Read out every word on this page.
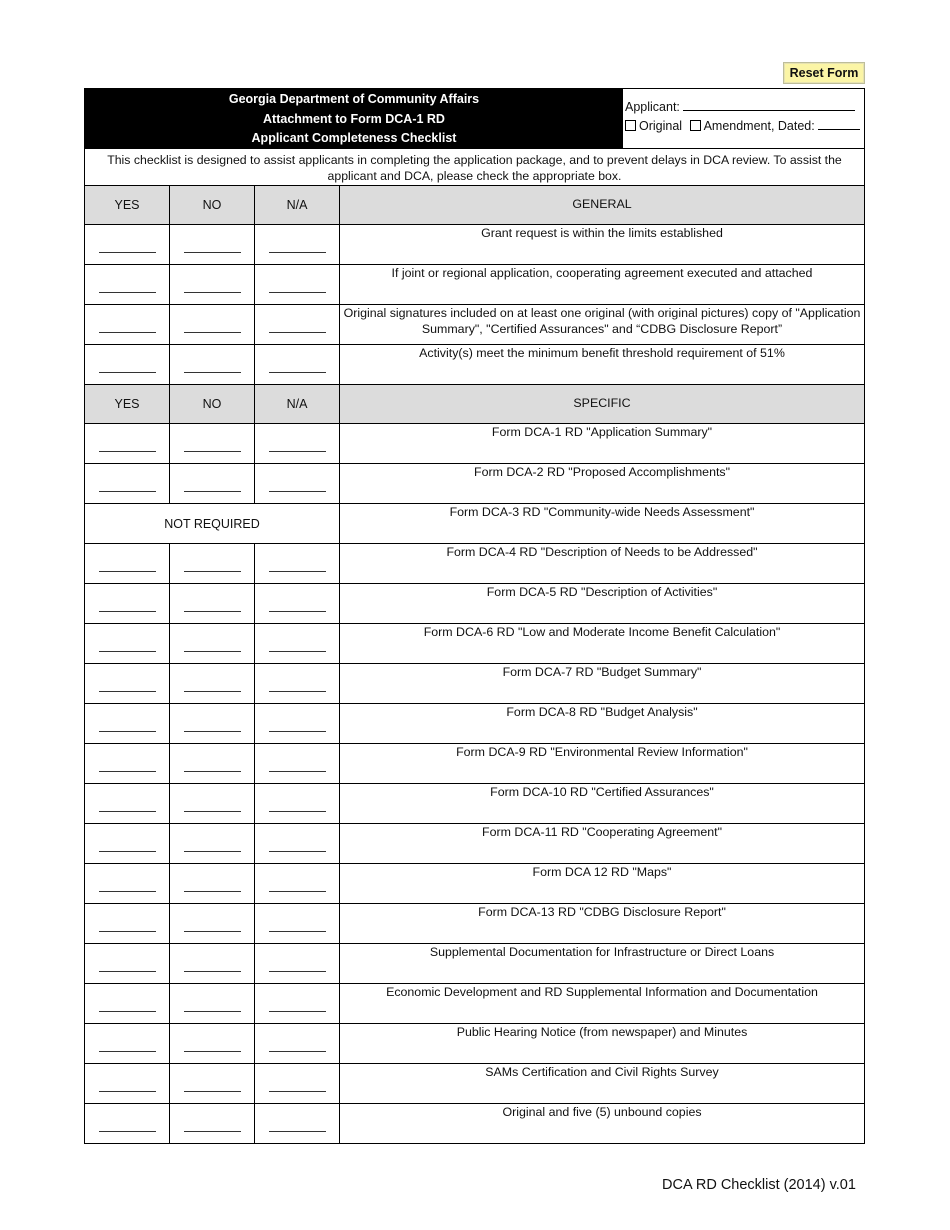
Reset Form
Georgia Department of Community Affairs
Attachment to Form DCA-1 RD
Applicant Completeness Checklist
Applicant:
Original Amendment, Dated:
This checklist is designed to assist applicants in completing the application package, and to prevent delays in DCA review. To assist the applicant and DCA, please check the appropriate box.
YES	NO	N/A	GENERAL
Grant request is within the limits established
If joint or regional application, cooperating agreement executed and attached
Original signatures included on at least one original (with original pictures) copy of "Application Summary", "Certified Assurances" and “CDBG Disclosure Report”
Activity(s) meet the minimum benefit threshold requirement of 51%
YES	NO	N/A	SPECIFIC
Form DCA-1 RD "Application Summary"
Form DCA-2 RD "Proposed Accomplishments"
NOT REQUIRED
Form DCA-3 RD "Community-wide Needs Assessment"
Form DCA-4 RD "Description of Needs to be Addressed"
Form DCA-5 RD "Description of Activities"
Form DCA-6 RD "Low and Moderate Income Benefit Calculation"
Form DCA-7 RD "Budget Summary"
Form DCA-8 RD "Budget Analysis"
Form DCA-9 RD "Environmental Review Information"
Form DCA-10 RD "Certified Assurances"
Form DCA-11 RD "Cooperating Agreement"
Form DCA 12 RD "Maps"
Form DCA-13 RD "CDBG Disclosure Report"
Supplemental Documentation for Infrastructure or Direct Loans
Economic Development and RD Supplemental Information and Documentation
Public Hearing Notice (from newspaper) and Minutes
SAMs Certification and Civil Rights Survey
Original and five (5) unbound copies
DCA RD Checklist (2014) v.01
